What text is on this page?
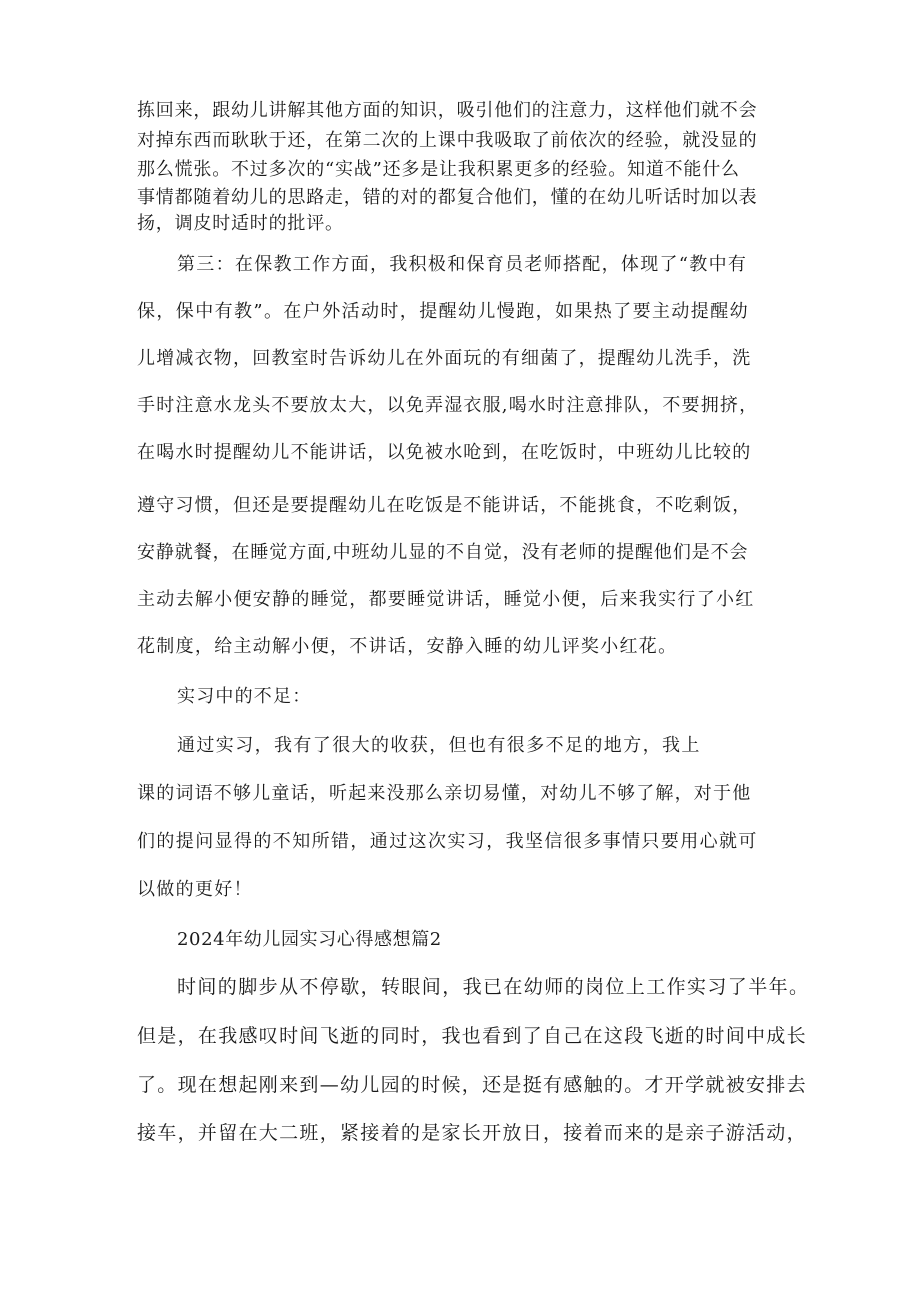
拣回来，跟幼儿讲解其他方面的知识，吸引他们的注意力，这样他们就不会
对掉东西而耿耿于还，在第二次的上课中我吸取了前依次的经验，就没显的
那么慌张。不过多次的“实战”还多是让我积累更多的经验。知道不能什么
事情都随着幼儿的思路走，错的对的都复合他们，懂的在幼儿听话时加以表
扬，调皮时适时的批评。
第三：在保教工作方面，我积极和保育员老师搭配，体现了“教中有
保，保中有教”。在户外活动时，提醒幼儿慢跑，如果热了要主动提醒幼
儿增减衣物，回教室时告诉幼儿在外面玩的有细菌了，提醒幼儿洗手，洗
手时注意水龙头不要放太大，以免弄湿衣服,喝水时注意排队，不要拥挤，
在喝水时提醒幼儿不能讲话，以免被水呛到，在吃饭时，中班幼儿比较的
遵守习惯，但还是要提醒幼儿在吃饭是不能讲话，不能挑食，不吃剩饭，
安静就餐，在睡觉方面,中班幼儿显的不自觉，没有老师的提醒他们是不会
主动去解小便安静的睡觉，都要睡觉讲话，睡觉小便，后来我实行了小红
花制度，给主动解小便，不讲话，安静入睡的幼儿评奖小红花。
实习中的不足：
通过实习，我有了很大的收获，但也有很多不足的地方，我上
课的词语不够儿童话，听起来没那么亲切易懂，对幼儿不够了解，对于他
们的提问显得的不知所错，通过这次实习，我坚信很多事情只要用心就可
以做的更好！
2024年幼儿园实习心得感想篇2
时间的脚步从不停歇，转眼间，我已在幼师的岗位上工作实习了半年。
但是，在我感叹时间飞逝的同时，我也看到了自己在这段飞逝的时间中成长
了。现在想起刚来到—幼儿园的时候，还是挺有感触的。才开学就被安排去
接车，并留在大二班，紧接着的是家长开放日，接着而来的是亲子游活动，
